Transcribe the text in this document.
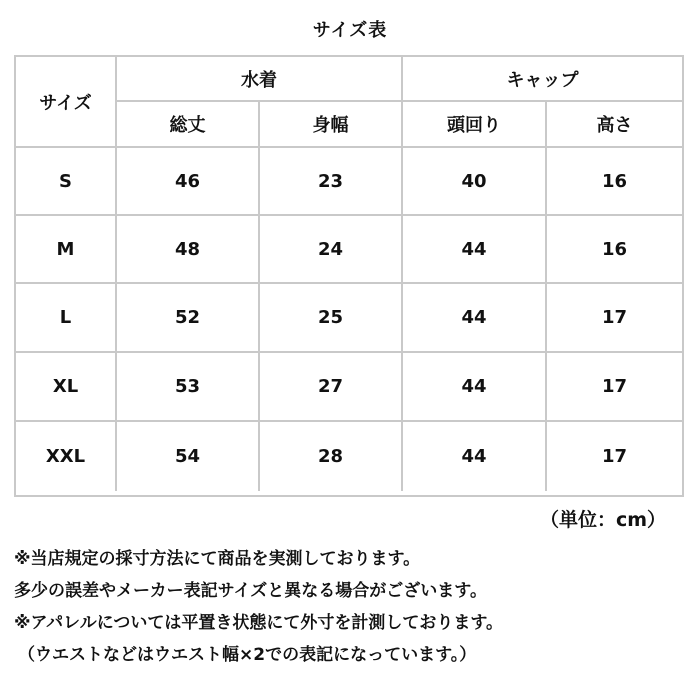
サイズ表
サイズ
水着	キャップ
総丈	身幅	頭回り	高さ
S	46	23	40	16
M	48	24	44	16
L	52	25	44	17
XL	53	27	44	17
XXL	54	28	44	17
（単位：cm）
※当店規定の採寸方法にて商品を実測しております。
多少の誤差やメーカー表記サイズと異なる場合がございます。
※アパレルについては平置き状態にて外寸を計測しております。
（ウエストなどはウエスト幅×2での表記になっています。）
